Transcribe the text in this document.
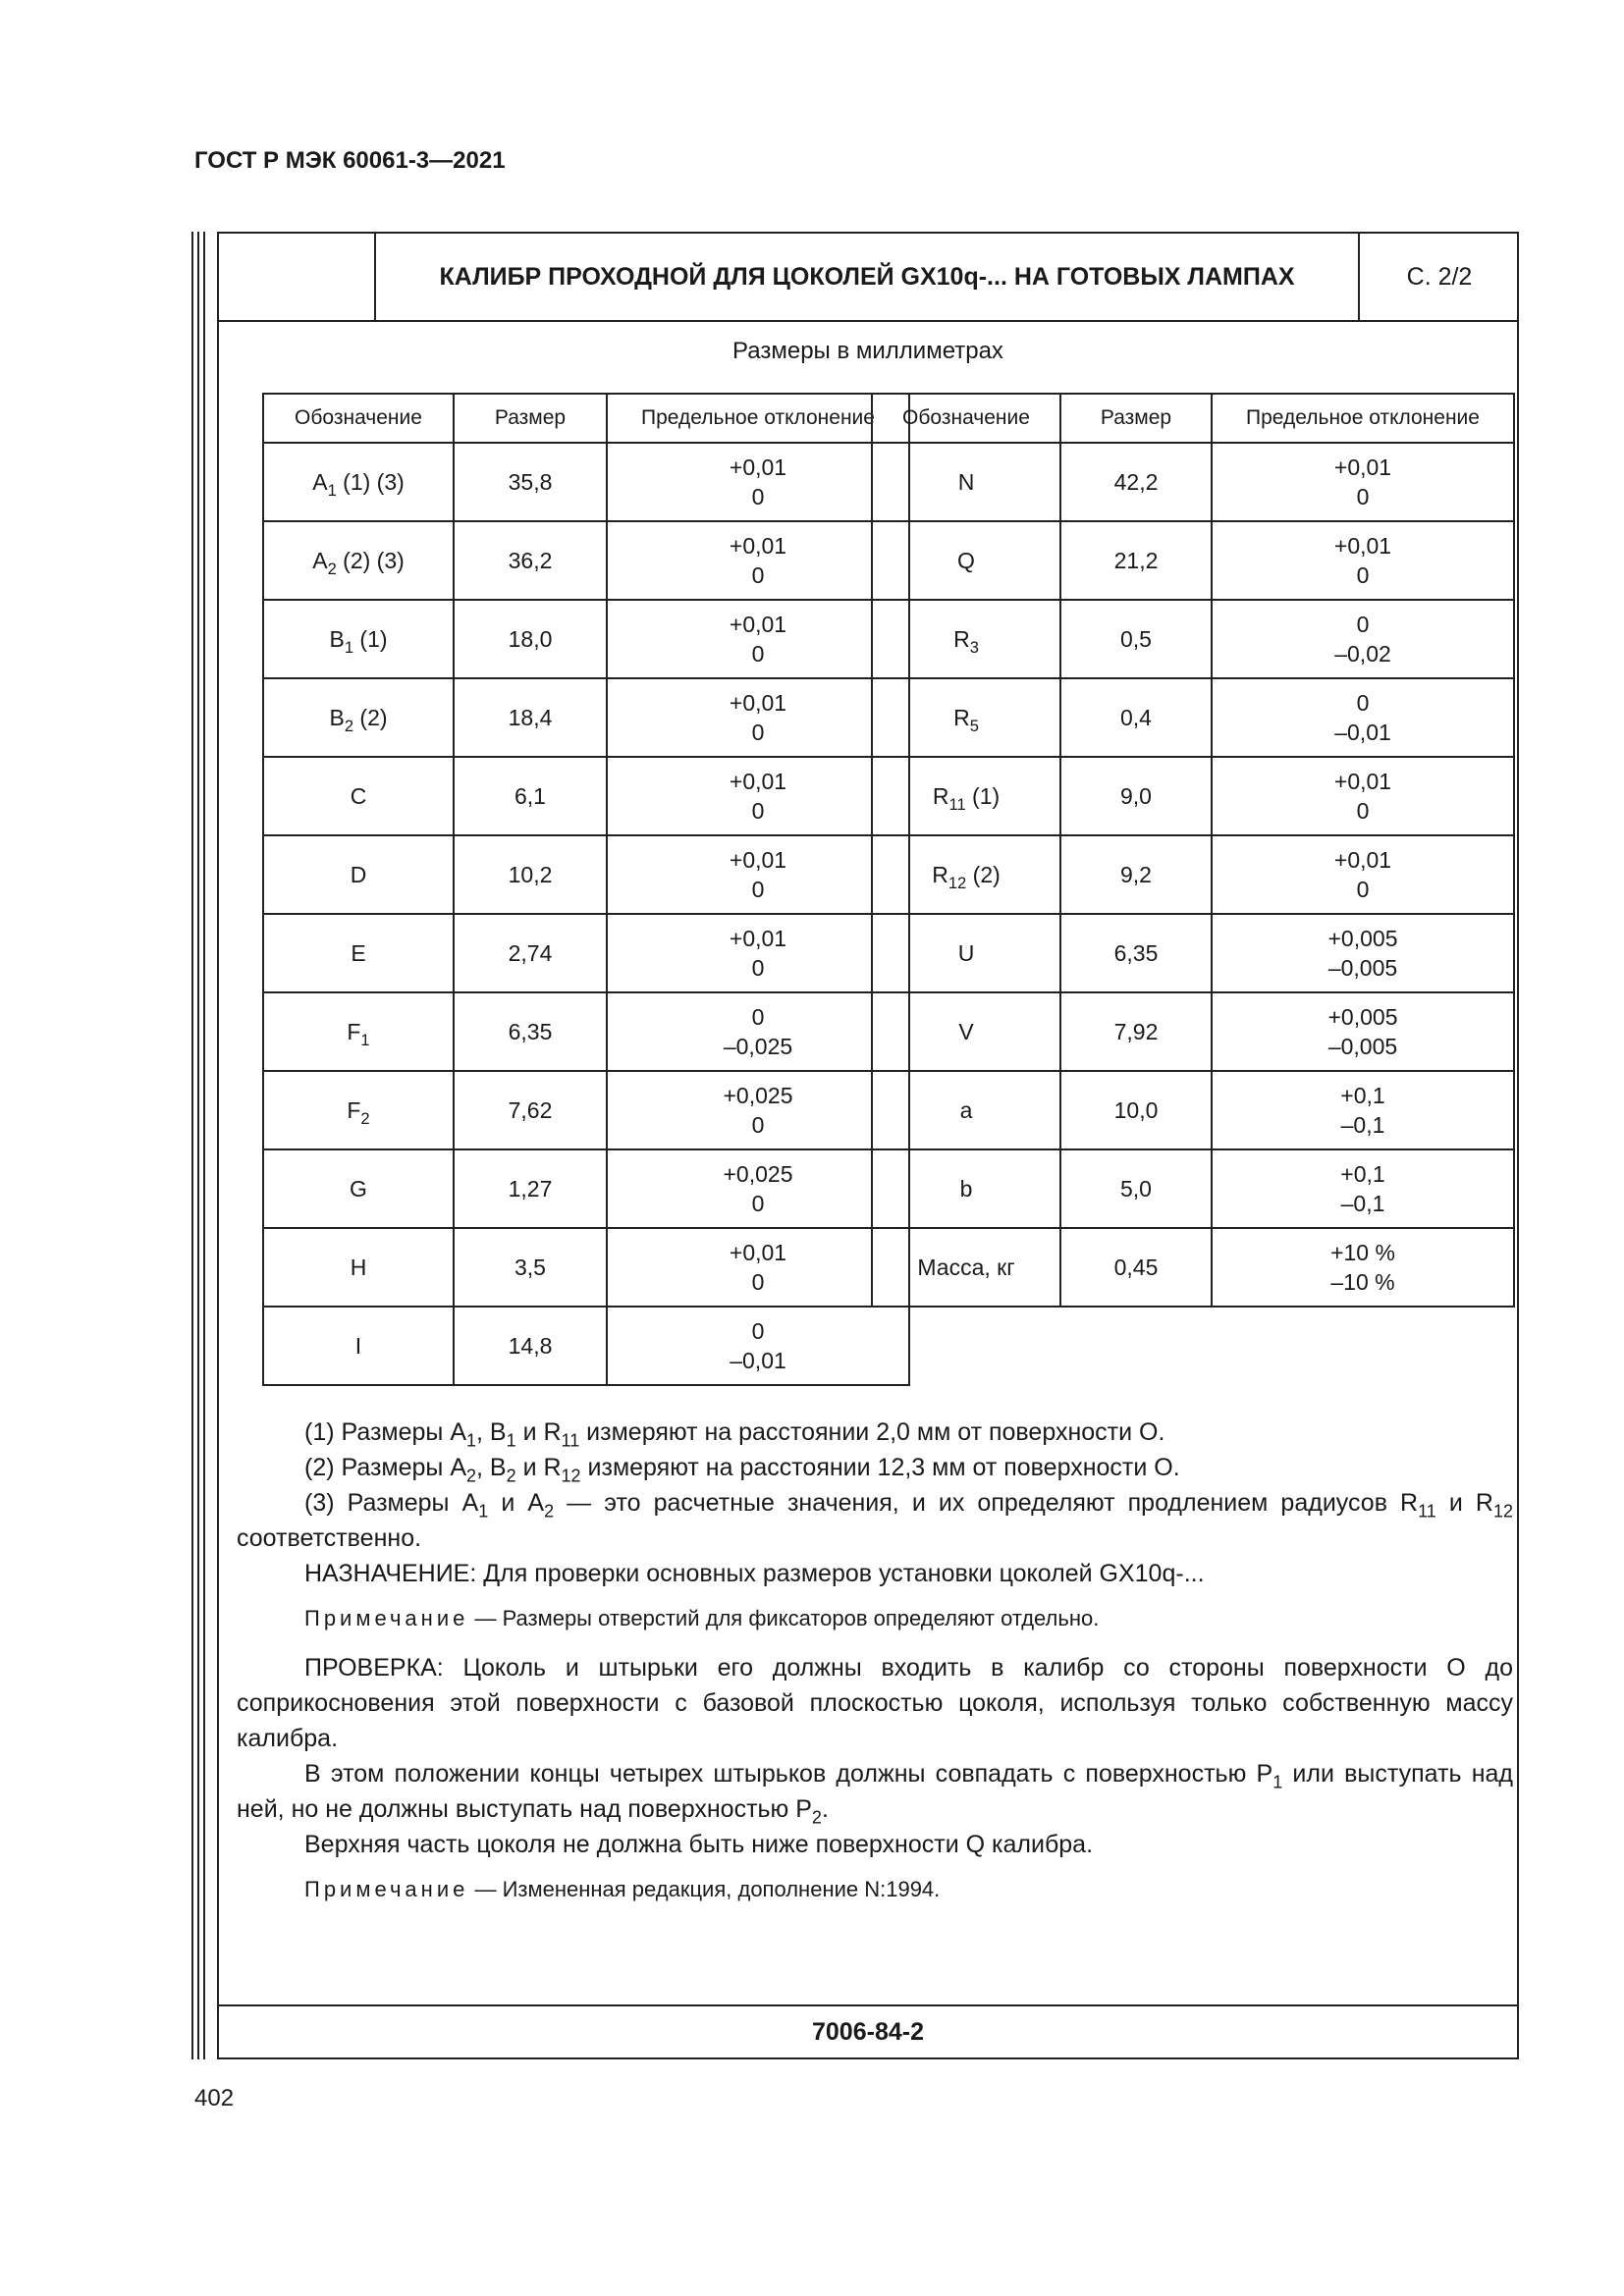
ГОСТ Р МЭК 60061-3—2021
КАЛИБР ПРОХОДНОЙ ДЛЯ ЦОКОЛЕЙ GX10q-... НА ГОТОВЫХ ЛАМПАХ	С. 2/2
Размеры в миллиметрах
Обозначение	Размер	Предельное отклонение
$A_1$ (1) (3)	35,8	+0,01
0

$A_2$ (2) (3)	36,2	+0,01
0

$B_1$ (1)	18,0	+0,01
0

$B_2$ (2)	18,4	+0,01
0

C	6,1	+0,01
0

D	10,2	+0,01
0

E	2,74	+0,01
0

$F_1$	6,35	0
–0,025

$F_2$	7,62	+0,025
0

G	1,27	+0,025
0

H	3,5	+0,01
0

I	14,8	0
–0,01
Обозначение	Размер	Предельное отклонение
N	42,2	+0,01
0

Q	21,2	+0,01
0

$R_3$	0,5	0
–0,02

$R_5$	0,4	0
–0,01

$R_{11}$ (1)	9,0	+0,01
0

$R_{12}$ (2)	9,2	+0,01
0

U	6,35	+0,005
–0,005

V	7,92	+0,005
–0,005

a	10,0	+0,1
–0,1

b	5,0	+0,1
–0,1

Масса, кг	0,45	+10 %
–10 %

(1) Размеры $A_1$, $B_1$ и $R_{11}$ измеряют на расстоянии 2,0 мм от поверхности O.

(2) Размеры $A_2$, $B_2$ и $R_{12}$ измеряют на расстоянии 12,3 мм от поверхности O.

(3) Размеры $A_1$ и $A_2$ — это расчетные значения, и их определяют продлением радиусов $R_{11}$ и $R_{12}$ соответственно.

НАЗНАЧЕНИЕ: Для проверки основных размеров установки цоколей GX10q-...

Примечание — Размеры отверстий для фиксаторов определяют отдельно.

ПРОВЕРКА: Цоколь и штырьки его должны входить в калибр со стороны поверхности O до соприкосновения этой поверхности с базовой плоскостью цоколя, используя только собственную массу калибра.

В этом положении концы четырех штырьков должны совпадать с поверхностью $P_1$ или выступать над ней, но не должны выступать над поверхностью $P_2$.

Верхняя часть цоколя не должна быть ниже поверхности Q калибра.

Примечание — Измененная редакция, дополнение N:1994.

7006-84-2
402
